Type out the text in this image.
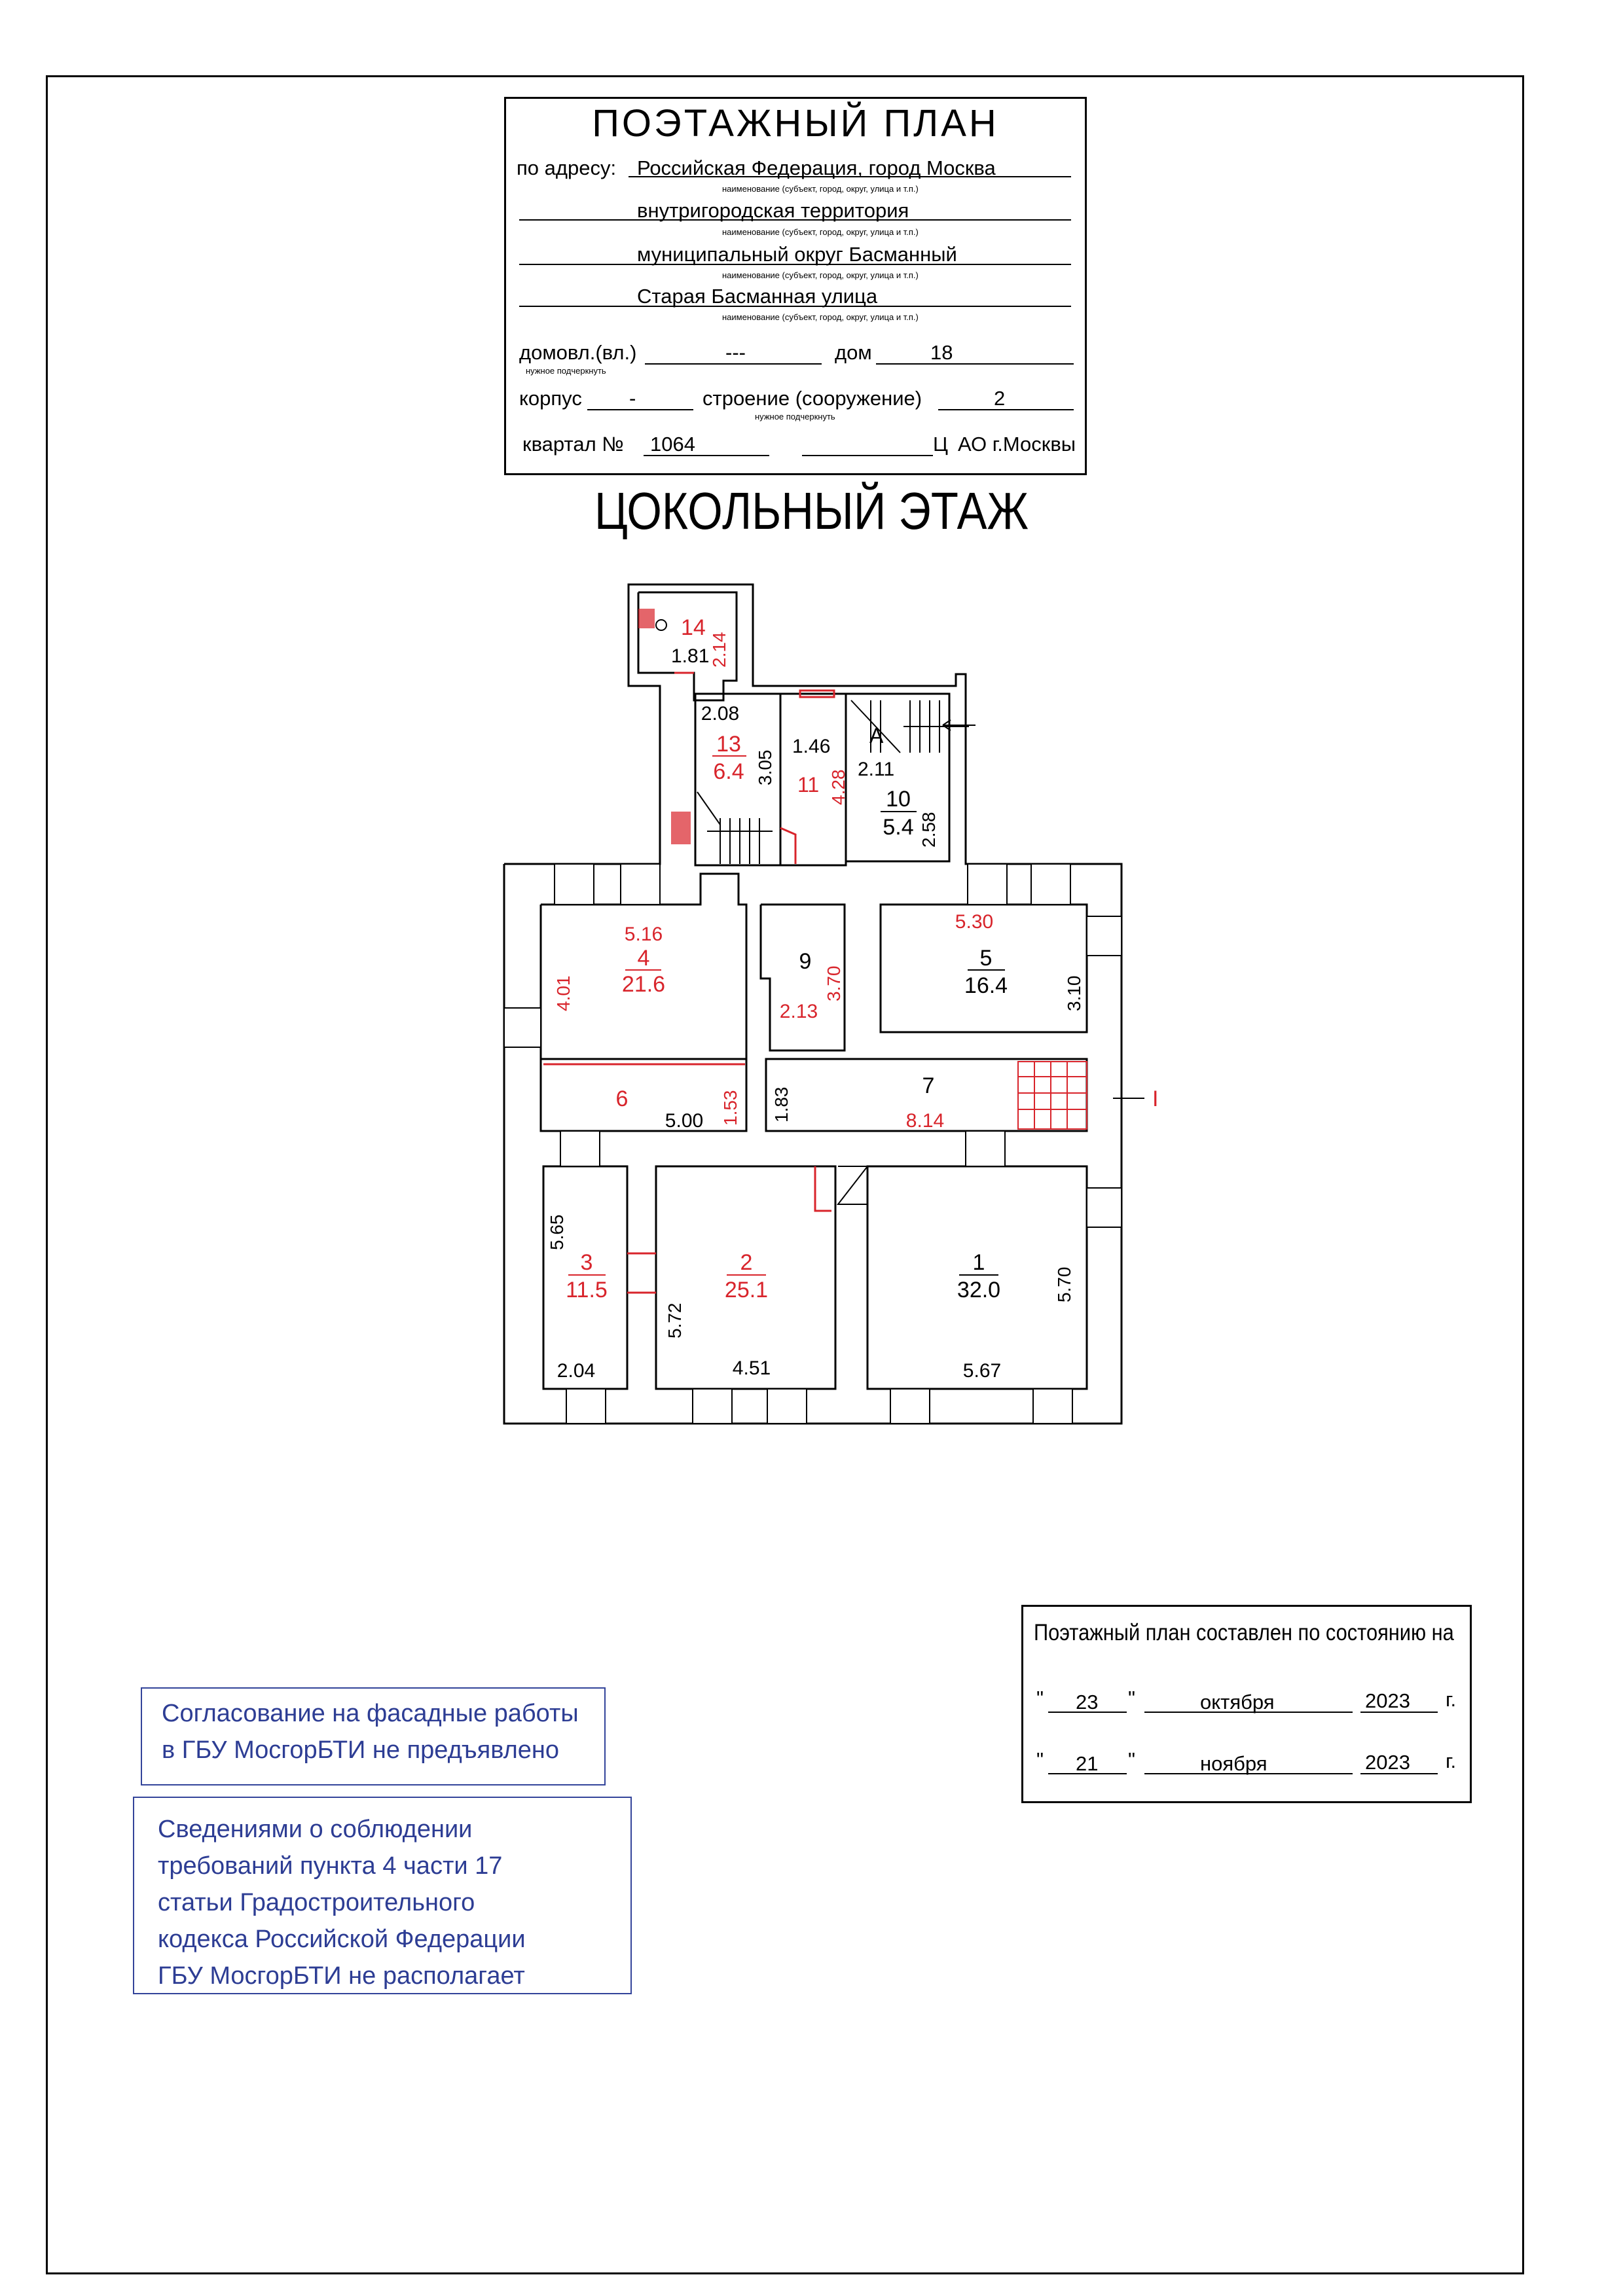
ПОЭТАЖНЫЙ ПЛАН
по адресу: Российская Федерация, город Москва
наименование (субъект, город, округ, улица и т.п.)
внутригородская территория
наименование (субъект, город, округ, улица и т.п.)
муниципальный округ Басманный
наименование (субъект, город, округ, улица и т.п.)
Старая Басманная улица
наименование (субъект, город, округ, улица и т.п.)
домовл.(вл.)	---	дом	18
нужное подчеркнуть
корпус -	строение (сооружение)	2
нужное подчеркнуть
квартал № 1064	Ц АО г.Москвы
ЦОКОЛЬНЫЙ ЭТАЖ
14
1.81 2.14
2.08
13
6.4 3.05
1.46
11 4.28
А
2.11
10
5.4 2.58
5.16
4
21.6
4.01
9
2.13
3.70
5.30
5
16.4	3.10
6
5.00 1.53
7
8.14
1.83	I
5.65
3
11.5
2.04
5.72
2
25.1
4.51
5.70
1
32.0
5.67
Согласование на фасадные работы
в ГБУ МосгорБТИ не предъявлено
Сведениями о соблюдении
требований пункта 4 части 17
статьи Градостроительного
кодекса Российской Федерации
ГБУ МосгорБТИ не располагает
Поэтажный план составлен по состоянию на
" 23 "	октября	2023 г.
" 21 "	ноября	2023 г.
